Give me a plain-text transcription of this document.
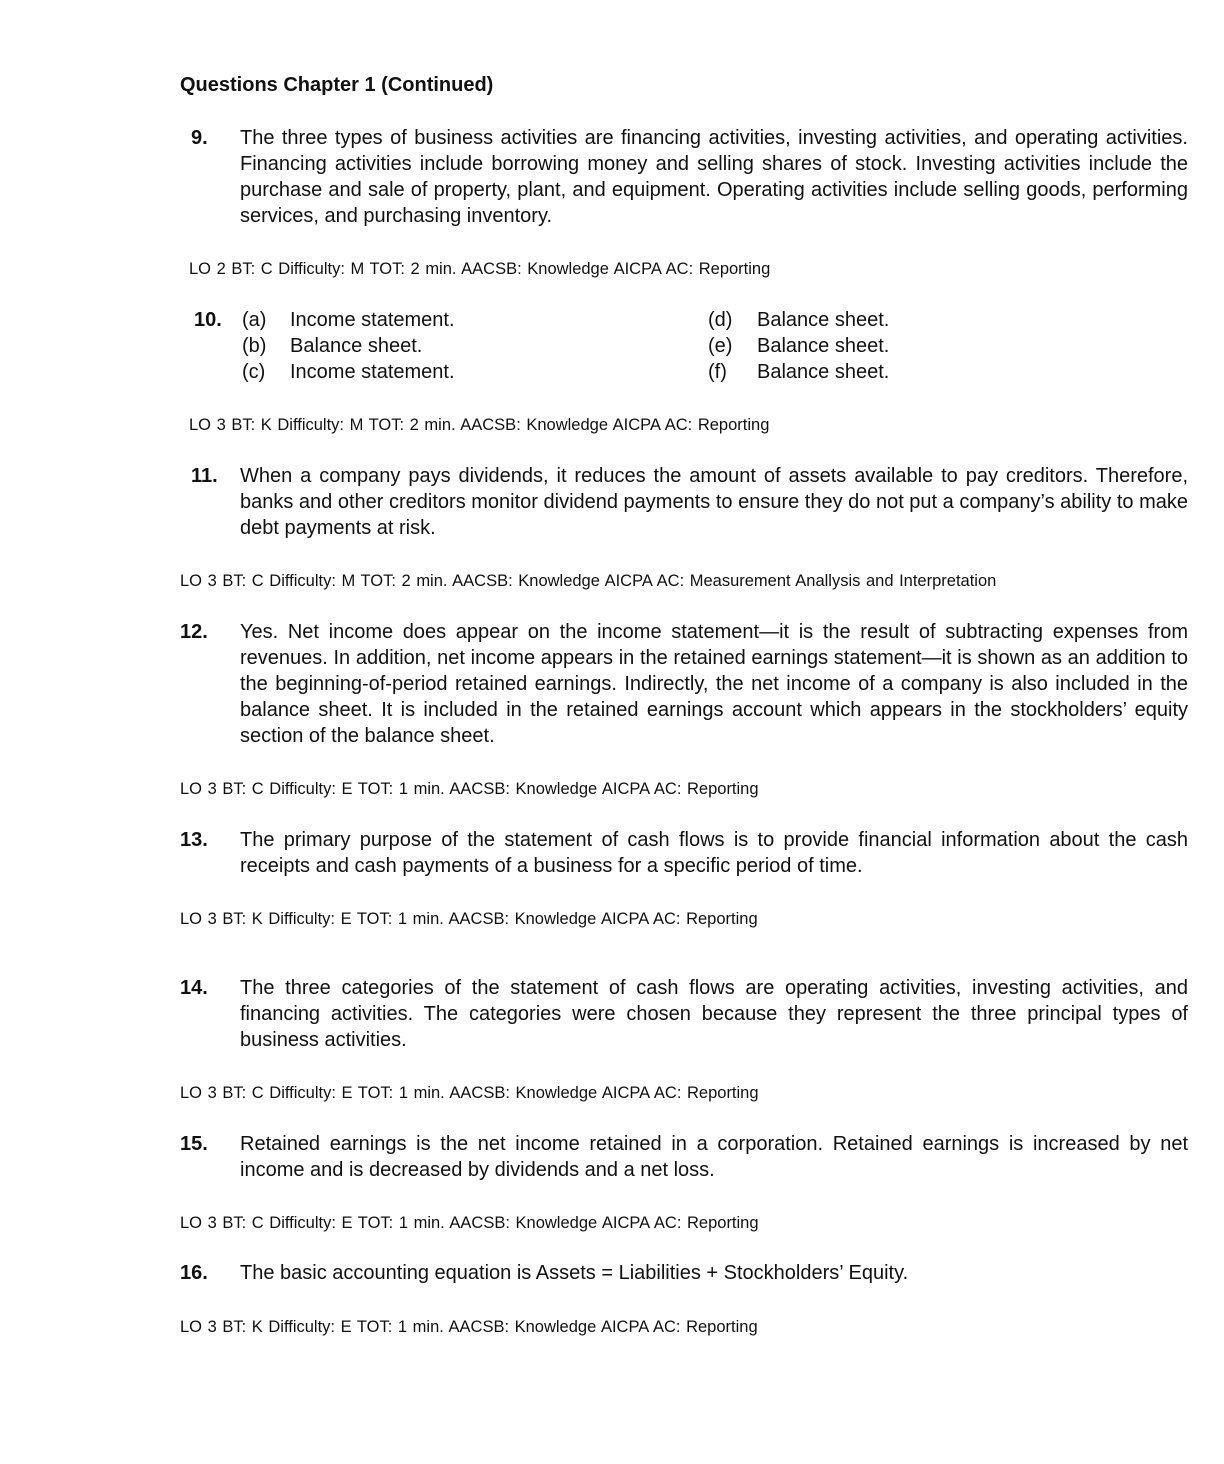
Questions Chapter 1 (Continued)
9. The three types of business activities are financing activities, investing activities, and operating activities. Financing activities include borrowing money and selling shares of stock. Investing activities include the purchase and sale of property, plant, and equipment. Operating activities include selling goods, performing services, and purchasing inventory.
LO 2 BT: C Difficulty: M TOT: 2 min. AACSB: Knowledge AICPA AC: Reporting
10. (a) Income statement.
(b) Balance sheet.
(c) Income statement.
(d) Balance sheet.
(e) Balance sheet.
(f) Balance sheet.
LO 3 BT: K Difficulty: M TOT: 2 min. AACSB: Knowledge AICPA AC: Reporting
11. When a company pays dividends, it reduces the amount of assets available to pay creditors. Therefore, banks and other creditors monitor dividend payments to ensure they do not put a company’s ability to make debt payments at risk.
LO 3 BT: C Difficulty: M TOT: 2 min. AACSB: Knowledge AICPA AC: Measurement Anallysis and Interpretation
12. Yes. Net income does appear on the income statement—it is the result of subtracting expenses from revenues. In addition, net income appears in the retained earnings statement—it is shown as an addition to the beginning-of-period retained earnings. Indirectly, the net income of a company is also included in the balance sheet. It is included in the retained earnings account which appears in the stockholders’ equity section of the balance sheet.
LO 3 BT: C Difficulty: E TOT: 1 min. AACSB: Knowledge AICPA AC: Reporting
13. The primary purpose of the statement of cash flows is to provide financial information about the cash receipts and cash payments of a business for a specific period of time.
LO 3 BT: K Difficulty: E TOT: 1 min. AACSB: Knowledge AICPA AC: Reporting
14. The three categories of the statement of cash flows are operating activities, investing activities, and financing activities. The categories were chosen because they represent the three principal types of business activities.
LO 3 BT: C Difficulty: E TOT: 1 min. AACSB: Knowledge AICPA AC: Reporting
15. Retained earnings is the net income retained in a corporation. Retained earnings is increased by net income and is decreased by dividends and a net loss.
LO 3 BT: C Difficulty: E TOT: 1 min. AACSB: Knowledge AICPA AC: Reporting
16. The basic accounting equation is Assets = Liabilities + Stockholders’ Equity.
LO 3 BT: K Difficulty: E TOT: 1 min. AACSB: Knowledge AICPA AC: Reporting
